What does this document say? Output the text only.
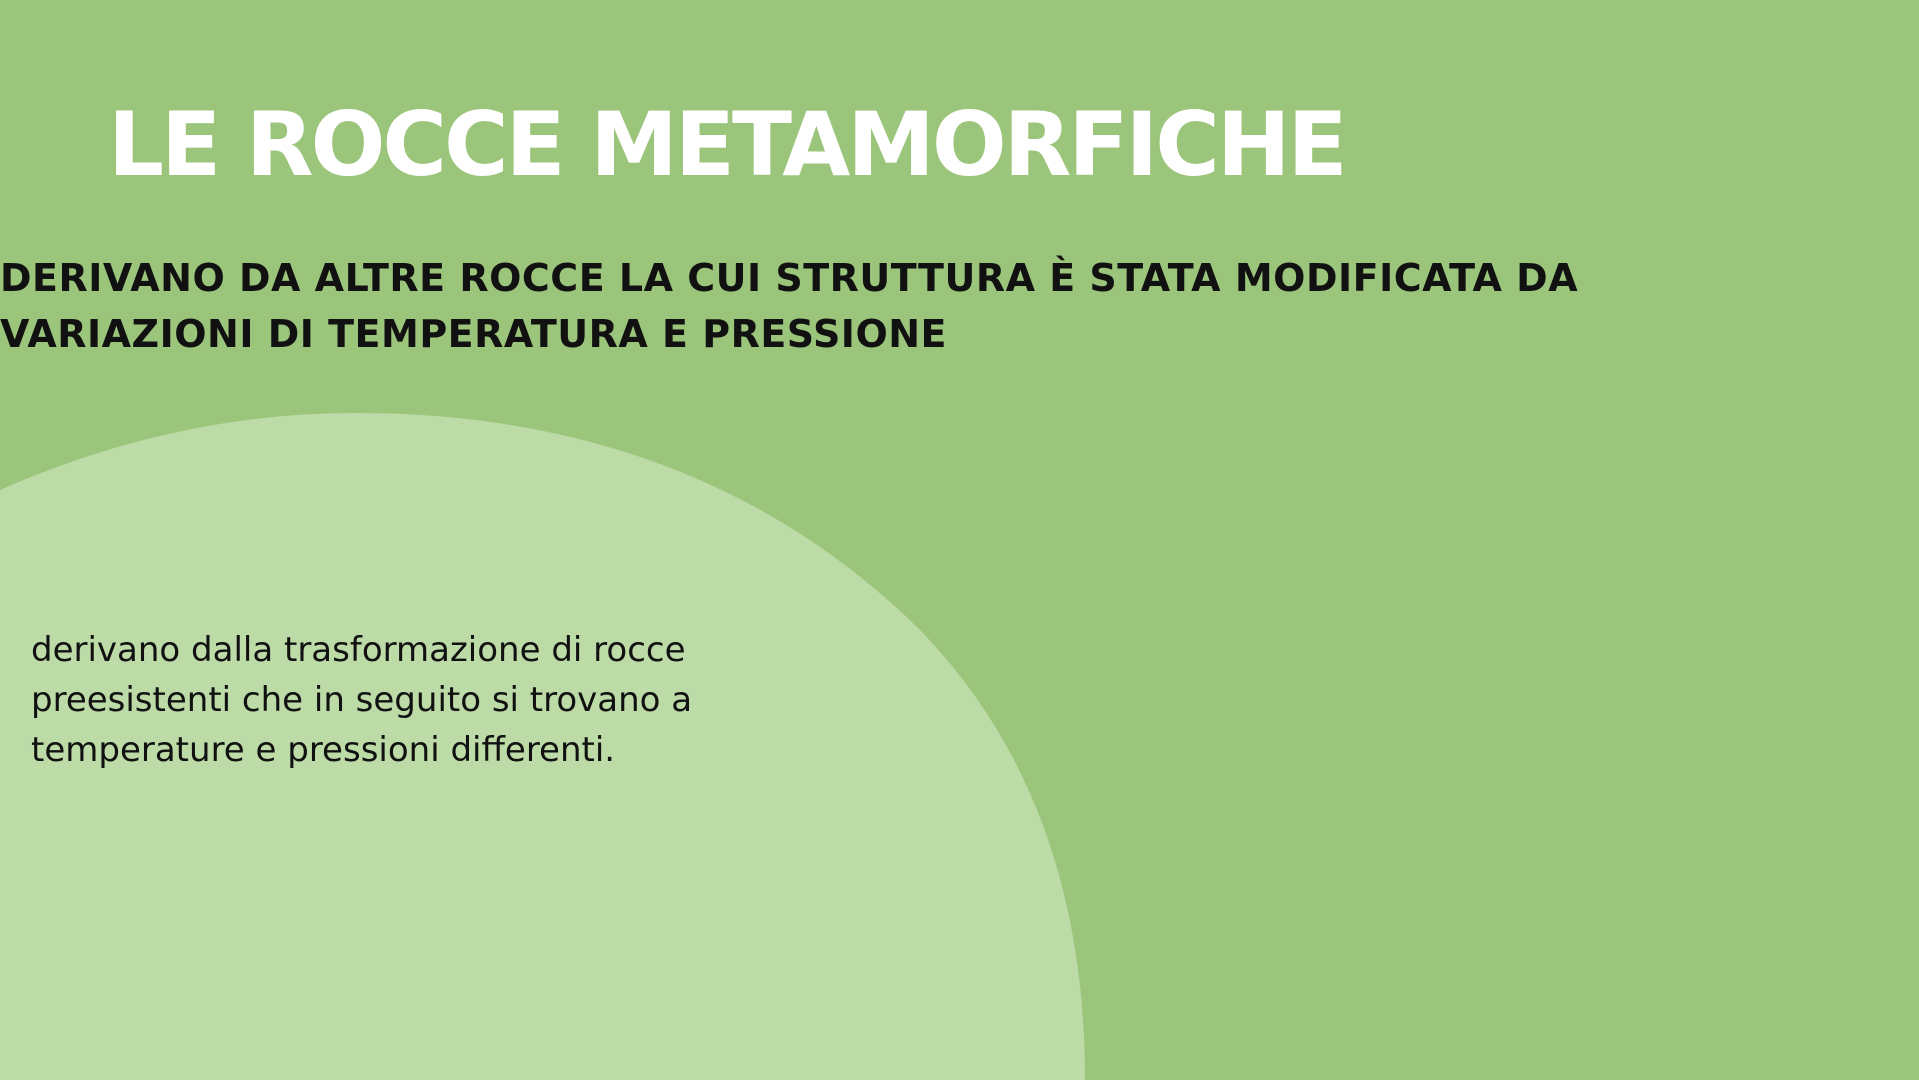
LE ROCCE METAMORFICHE

DERIVANO DA ALTRE ROCCE LA CUI STRUTTURA È STATA MODIFICATA DA VARIAZIONI DI TEMPERATURA E PRESSIONE

derivano dalla trasformazione di rocce preesistenti che in seguito si trovano a temperature e pressioni differenti.
